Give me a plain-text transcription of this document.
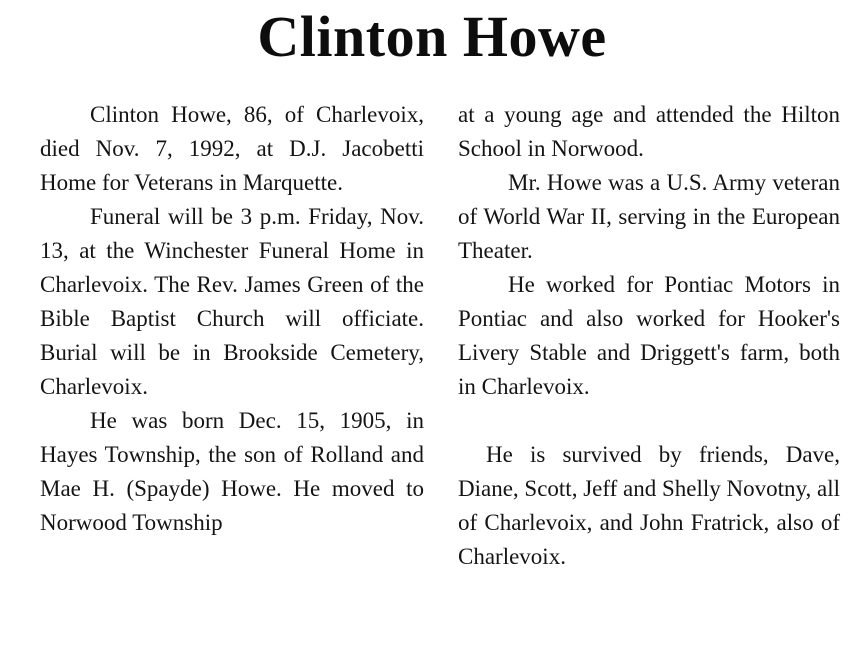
Clinton Howe

Clinton Howe, 86, of Charlevoix, died Nov. 7, 1992, at D.J. Jacobetti Home for Veterans in Marquette.

Funeral will be 3 p.m. Friday, Nov. 13, at the Winchester Funeral Home in Charlevoix. The Rev. James Green of the Bible Baptist Church will officiate. Burial will be in Brookside Cemetery, Charlevoix.

He was born Dec. 15, 1905, in Hayes Township, the son of Rolland and Mae H. (Spayde) Howe. He moved to Norwood Township

at a young age and attended the Hilton School in Norwood.

Mr. Howe was a U.S. Army veteran of World War II, serving in the European Theater.

He worked for Pontiac Motors in Pontiac and also worked for Hooker's Livery Stable and Driggett's farm, both in Charlevoix.

He is survived by friends, Dave, Diane, Scott, Jeff and Shelly Novotny, all of Charlevoix, and John Fratrick, also of Charlevoix.
